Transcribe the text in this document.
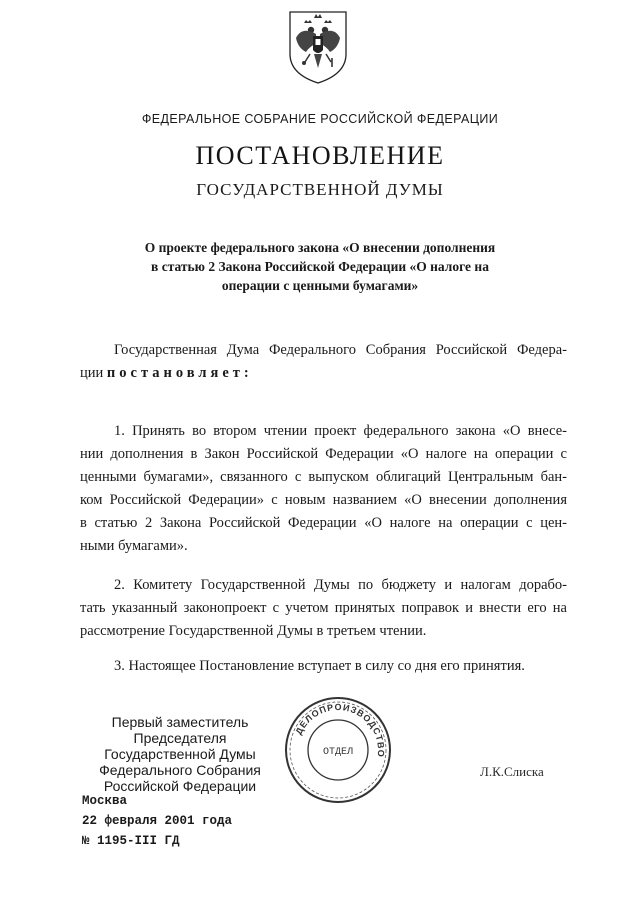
ФЕДЕРАЛЬНОЕ СОБРАНИЕ РОССИЙСКОЙ ФЕДЕРАЦИИ
ПОСТАНОВЛЕНИЕ
ГОСУДАРСТВЕННОЙ ДУМЫ
О проекте федерального закона «О внесении дополнения
в статью 2 Закона Российской Федерации «О налоге на
операции с ценными бумагами»
Государственная Дума Федерального Собрания Российской Федера-
ции постановляет:
1. Принять во втором чтении проект федерального закона «О внесе-
нии дополнения в Закон Российской Федерации «О налоге на операции с
ценными бумагами», связанного с выпуском облигаций Центральным бан-
ком Российской Федерации» с новым названием «О внесении дополнения
в статью 2 Закона Российской Федерации «О налоге на операции с цен-
ными бумагами».
2. Комитету Государственной Думы по бюджету и налогам дорабо-
тать указанный законопроект с учетом принятых поправок и внести его на
рассмотрение Государственной Думы в третьем чтении.
3. Настоящее Постановление вступает в силу со дня его принятия.
ДЕЛОПРОИЗВОДСТВО
ОТДЕЛ
Первый заместитель
Председателя Государственной Думы
Федерального Собрания
Российской Федерации
Л.К.Слиска
Москва
22 февраля 2001 года
№ 1195-III ГД
